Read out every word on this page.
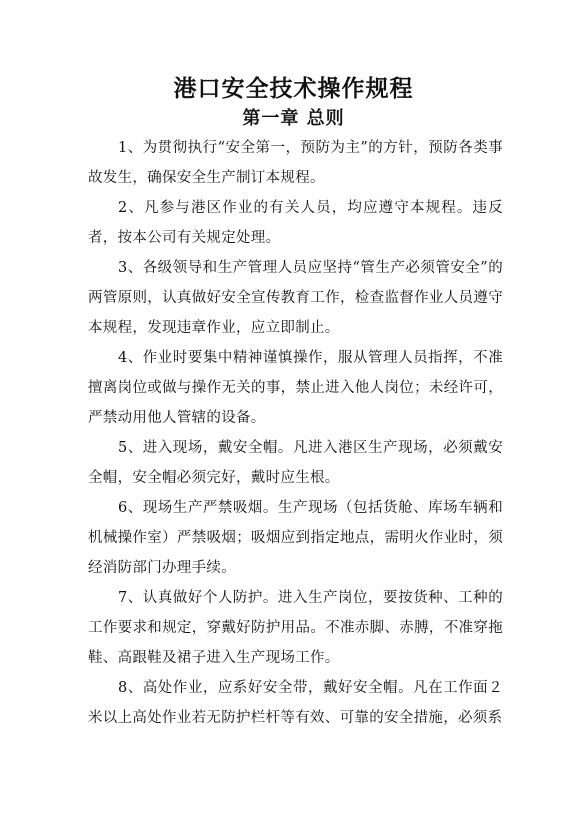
港口安全技术操作规程
第一章 总则

1、为贯彻执行“安全第一，预防为主”的方针，预防各类事故发生，确保安全生产制订本规程。

2、凡参与港区作业的有关人员，均应遵守本规程。违反者，按本公司有关规定处理。

3、各级领导和生产管理人员应坚持“管生产必须管安全”的两管原则，认真做好安全宣传教育工作，检查监督作业人员遵守本规程，发现违章作业，应立即制止。

4、作业时要集中精神谨慎操作，服从管理人员指挥，不准擅离岗位或做与操作无关的事，禁止进入他人岗位；未经许可，严禁动用他人管辖的设备。

5、进入现场，戴安全帽。凡进入港区生产现场，必须戴安全帽，安全帽必须完好，戴时应生根。

6、现场生产严禁吸烟。生产现场（包括货舱、库场车辆和机械操作室）严禁吸烟；吸烟应到指定地点，需明火作业时，须经消防部门办理手续。

7、认真做好个人防护。进入生产岗位，要按货种、工种的工作要求和规定，穿戴好防护用品。不准赤脚、赤膊，不准穿拖鞋、高跟鞋及裙子进入生产现场工作。

8、高处作业，应系好安全带，戴好安全帽。凡在工作面２米以上高处作业若无防护栏杆等有效、可靠的安全措施，必须系
